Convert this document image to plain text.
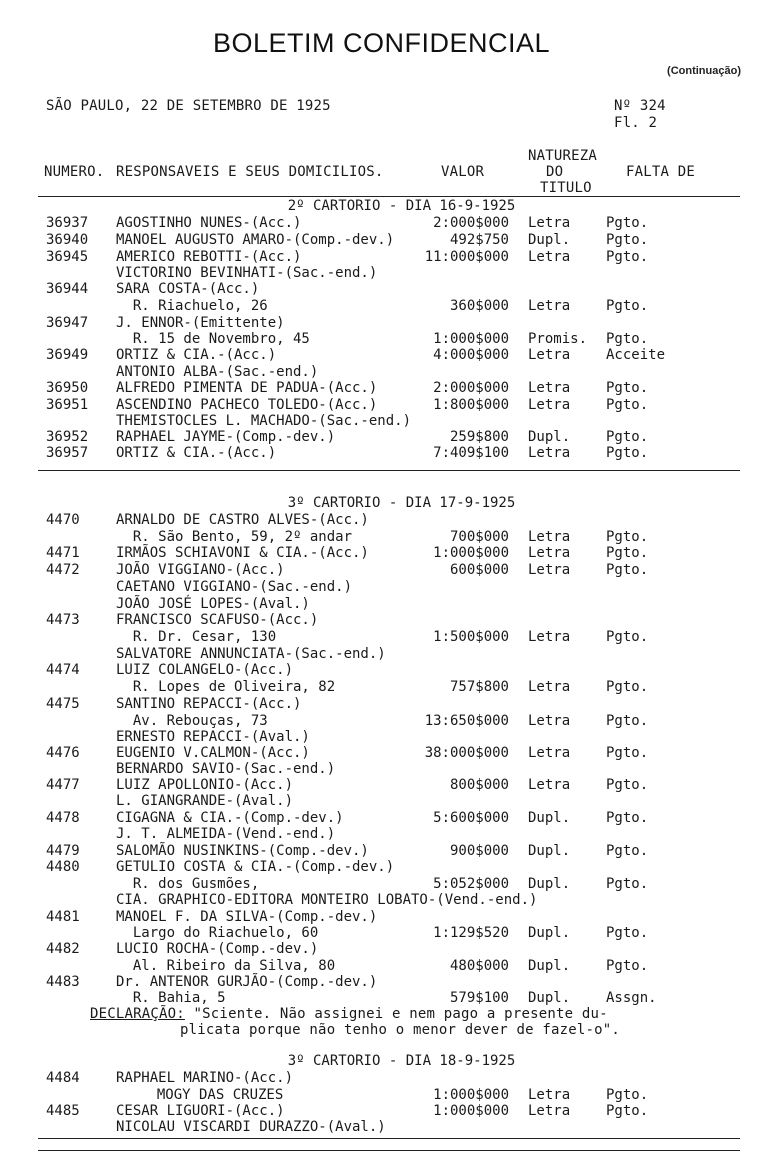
BOLETIM CONFIDENCIAL
(Continuação)
SÃO PAULO, 22 DE SETEMBRO DE 1925	Nº 324
Fl. 2
NUMERO. RESPONSAVEIS E SEUS DOMICILIOS.	VALOR
NATUREZA
DO
TITULO
FALTA DE
2º CARTORIO - DIA 16-9-1925
36937 AGOSTINHO NUNES-(Acc.)	2:000$000 Letra	Pgto.
36940 MANOEL AUGUSTO AMARO-(Comp.-dev.)	492$750 Dupl.	Pgto.
36945 AMERICO REBOTTI-(Acc.)	11:000$000 Letra	Pgto.
VICTORINO BEVINHATI-(Sac.-end.)
36944 SARA COSTA-(Acc.)
R. Riachuelo, 26	360$000 Letra	Pgto.
36947 J. ENNOR-(Emittente)
R. 15 de Novembro, 45	1:000$000 Promis. Pgto.
36949 ORTIZ & CIA.-(Acc.)	4:000$000 Letra	Acceite
ANTONIO ALBA-(Sac.-end.)
36950 ALFREDO PIMENTA DE PADUA-(Acc.)	2:000$000 Letra	Pgto.
36951 ASCENDINO PACHECO TOLEDO-(Acc.)	1:800$000 Letra	Pgto.
THEMISTOCLES L. MACHADO-(Sac.-end.)
36952 RAPHAEL JAYME-(Comp.-dev.)	259$800 Dupl.	Pgto.
36957 ORTIZ & CIA.-(Acc.)	7:409$100 Letra	Pgto.
3º CARTORIO - DIA 17-9-1925
4470	ARNALDO DE CASTRO ALVES-(Acc.)
R. São Bento, 59, 2º andar	700$000 Letra	Pgto.
4471	IRMÃOS SCHIAVONI & CIA.-(Acc.)	1:000$000 Letra	Pgto.
4472	JOÃO VIGGIANO-(Acc.)	600$000 Letra	Pgto.
CAETANO VIGGIANO-(Sac.-end.)
JOÃO JOSÉ LOPES-(Aval.)
4473	FRANCISCO SCAFUSO-(Acc.)
R. Dr. Cesar, 130	1:500$000 Letra	Pgto.
SALVATORE ANNUNCIATA-(Sac.-end.)
4474	LUIZ COLANGELO-(Acc.)
R. Lopes de Oliveira, 82	757$800 Letra	Pgto.
4475	SANTINO REPACCI-(Acc.)
Av. Rebouças, 73	13:650$000 Letra	Pgto.
ERNESTO REPACCI-(Aval.)
4476	EUGENIO V.CALMON-(Acc.)	38:000$000 Letra	Pgto.
BERNARDO SAVIO-(Sac.-end.)
4477	LUIZ APOLLONIO-(Acc.)	800$000 Letra	Pgto.
L. GIANGRANDE-(Aval.)
4478	CIGAGNA & CIA.-(Comp.-dev.)	5:600$000 Dupl.	Pgto.
J. T. ALMEIDA-(Vend.-end.)
4479	SALOMÃO NUSINKINS-(Comp.-dev.)	900$000 Dupl.	Pgto.
4480	GETULIO COSTA & CIA.-(Comp.-dev.)
R. dos Gusmões,	5:052$000 Dupl.	Pgto.
CIA. GRAPHICO-EDITORA MONTEIRO LOBATO-(Vend.-end.)
4481	MANOEL F. DA SILVA-(Comp.-dev.)
Largo do Riachuelo, 60	1:129$520 Dupl.	Pgto.
4482	LUCIO ROCHA-(Comp.-dev.)
Al. Ribeiro da Silva, 80	480$000 Dupl.	Pgto.
4483	Dr. ANTENOR GURJÃO-(Comp.-dev.)
R. Bahia, 5	579$100 Dupl.	Assgn.
DECLARAÇÃO: "Sciente. Não assignei e nem pago a presente du-
plicata porque não tenho o menor dever de fazel-o".
3º CARTORIO - DIA 18-9-1925
4484	RAPHAEL MARINO-(Acc.)
MOGY DAS CRUZES	1:000$000 Letra	Pgto.
4485	CESAR LIGUORI-(Acc.)	1:000$000 Letra	Pgto.
NICOLAU VISCARDI DURAZZO-(Aval.)
